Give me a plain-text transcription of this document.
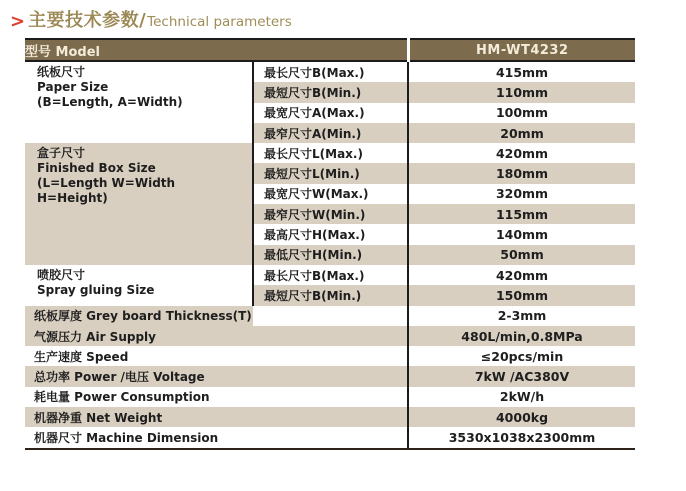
> 主要技术参数/Technical parameters
型号 Model		HM-WT4232

纸板尺寸
Paper Size
(B=Length, A=Width)	最长尺寸B(Max.)	415mm
	最短尺寸B(Min.)	110mm
	最宽尺寸A(Max.)	100mm
	最窄尺寸A(Min.)	20mm

盒子尺寸
Finished Box Size
(L=Length W=Width
H=Height)	最长尺寸L(Max.)	420mm
	最短尺寸L(Min.)	180mm
	最宽尺寸W(Max.)	320mm
	最窄尺寸W(Min.)	115mm
	最高尺寸H(Max.)	140mm
	最低尺寸H(Min.)	50mm

喷胶尺寸
Spray gluing Size	最长尺寸B(Max.)	420mm
	最短尺寸B(Min.)	150mm
纸板厚度 Grey board Thickness(T)		2-3mm
气源压力 Air Supply		480L/min,0.8MPa
生产速度 Speed		≤20pcs/min
总功率 Power /电压 Voltage		7kW /AC380V
耗电量 Power Consumption		2kW/h
机器净重 Net Weight		4000kg
机器尺寸 Machine Dimension		3530x1038x2300mm
